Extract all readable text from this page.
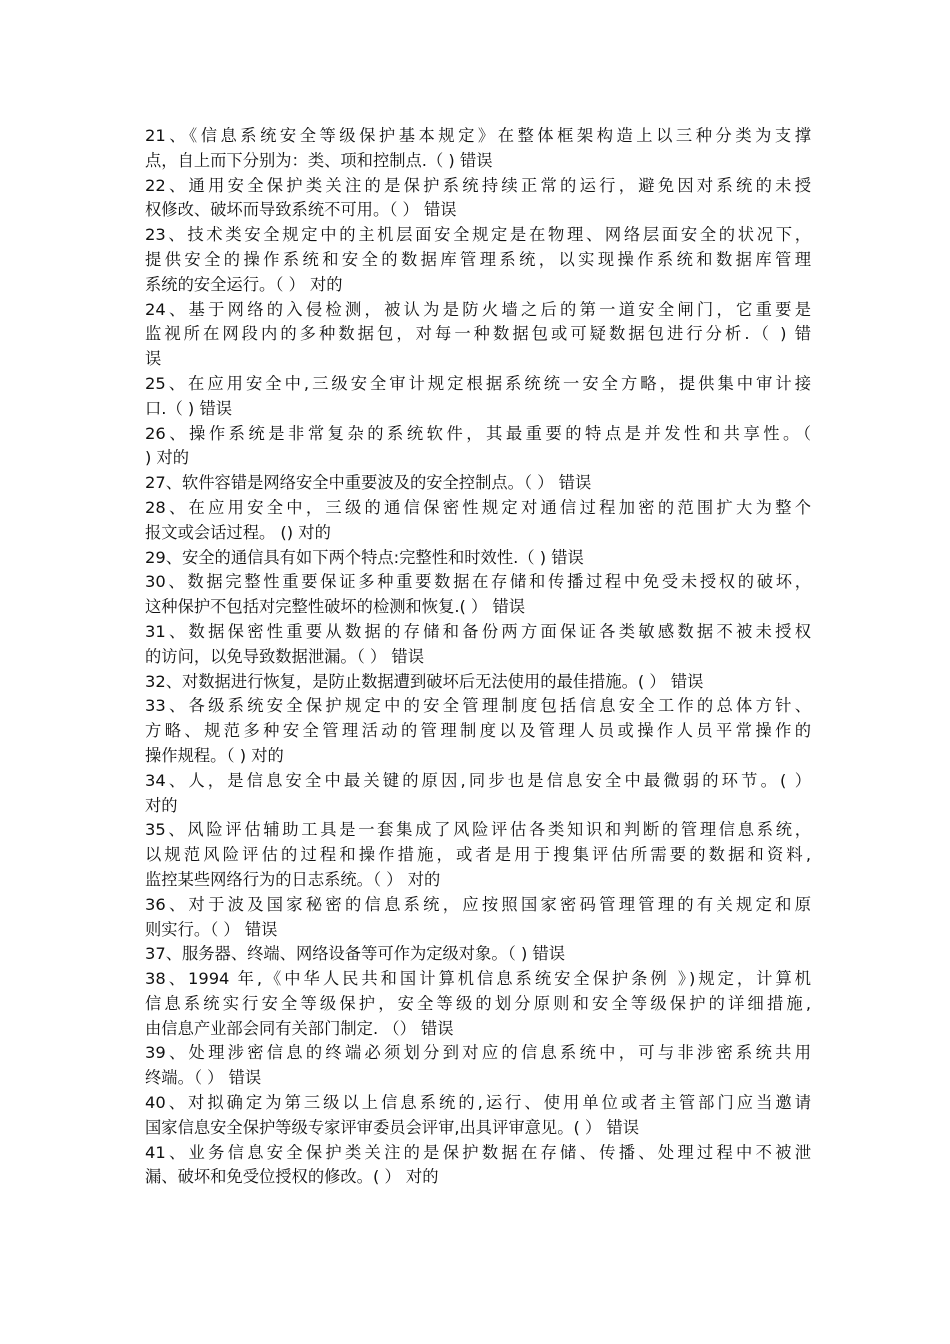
21、《信息系统安全等级保护基本规定》在整体框架构造上以三种分类为支撑
点，自上而下分别为：类、项和控制点.（ ) 错误
22、通用安全保护类关注的是保护系统持续正常的运行，避免因对系统的未授
权修改、破坏而导致系统不可用。（ ） 错误
23、技术类安全规定中的主机层面安全规定是在物理、网络层面安全的状况下，
提供安全的操作系统和安全的数据库管理系统，以实现操作系统和数据库管理
系统的安全运行。（ ） 对的
24、基于网络的入侵检测，被认为是防火墙之后的第一道安全闸门，它重要是
监视所在网段内的多种数据包，对每一种数据包或可疑数据包进行分析.（ ) 错
误
25、在应用安全中,三级安全审计规定根据系统统一安全方略，提供集中审计接
口.（ ) 错误
26、操作系统是非常复杂的系统软件，其最重要的特点是并发性和共享性。（
) 对的
27、软件容错是网络安全中重要波及的安全控制点。（ ） 错误
28、在应用安全中，三级的通信保密性规定对通信过程加密的范围扩大为整个
报文或会话过程。 () 对的
29、安全的通信具有如下两个特点:完整性和时效性.（ ) 错误
30、数据完整性重要保证多种重要数据在存储和传播过程中免受未授权的破坏，
这种保护不包括对完整性破坏的检测和恢复.( ） 错误
31、数据保密性重要从数据的存储和备份两方面保证各类敏感数据不被未授权
的访问，以免导致数据泄漏。（ ） 错误
32、对数据进行恢复，是防止数据遭到破坏后无法使用的最佳措施。( ） 错误
33、各级系统安全保护规定中的安全管理制度包括信息安全工作的总体方针、
方略、规范多种安全管理活动的管理制度以及管理人员或操作人员平常操作的
操作规程。（ ) 对的
34、人，是信息安全中最关键的原因,同步也是信息安全中最微弱的环节。( ）
对的
35、风险评估辅助工具是一套集成了风险评估各类知识和判断的管理信息系统，
以规范风险评估的过程和操作措施，或者是用于搜集评估所需要的数据和资料,
监控某些网络行为的日志系统。（ ） 对的
36、对于波及国家秘密的信息系统，应按照国家密码管理管理的有关规定和原
则实行。（ ） 错误
37、服务器、终端、网络设备等可作为定级对象。（ ) 错误
38、1994 年,《中华人民共和国计算机信息系统安全保护条例 》)规定，计算机
信息系统实行安全等级保护，安全等级的划分原则和安全等级保护的详细措施,
由信息产业部会同有关部门制定. （） 错误
39、处理涉密信息的终端必须划分到对应的信息系统中，可与非涉密系统共用
终端。（ ） 错误
40、对拟确定为第三级以上信息系统的,运行、使用单位或者主管部门应当邀请
国家信息安全保护等级专家评审委员会评审,出具评审意见。( ） 错误
41、业务信息安全保护类关注的是保护数据在存储、传播、处理过程中不被泄
漏、破坏和免受位授权的修改。( ） 对的
